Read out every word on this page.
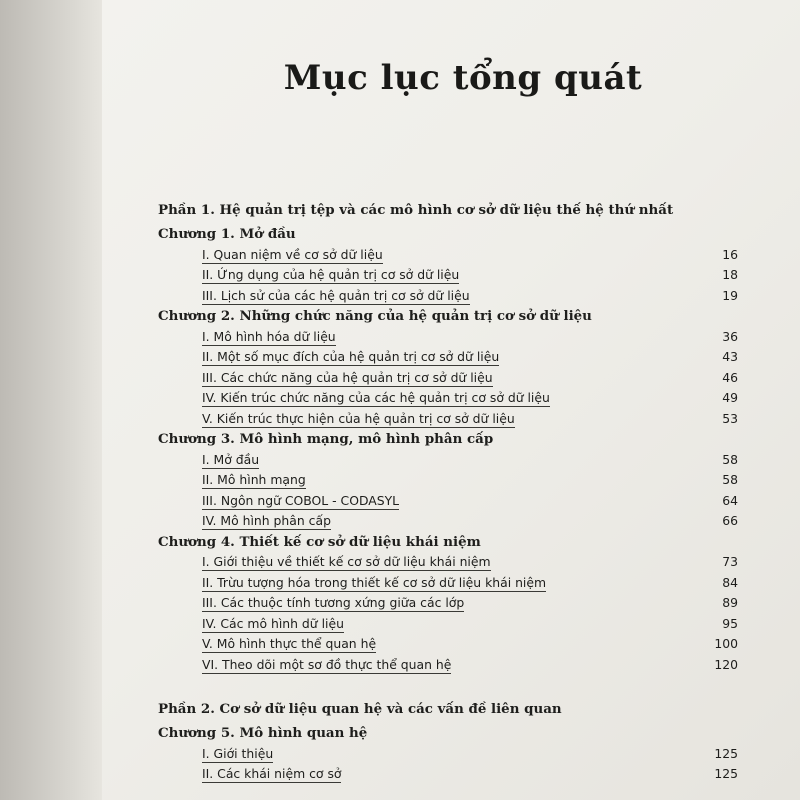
Mục lục tổng quát
Phần 1. Hệ quản trị tệp và các mô hình cơ sở dữ liệu thế hệ thứ nhất
Chương 1. Mở đầu
I. Quan niệm về cơ sở dữ liệu	16
II. Ứng dụng của hệ quản trị cơ sở dữ liệu	18
III. Lịch sử của các hệ quản trị cơ sở dữ liệu	19
Chương 2. Những chức năng của hệ quản trị cơ sở dữ liệu
I. Mô hình hóa dữ liệu	36
II. Một số mục đích của hệ quản trị cơ sở dữ liệu	43
III. Các chức năng của hệ quản trị cơ sở dữ liệu	46
IV. Kiến trúc chức năng của các hệ quản trị cơ sở dữ liệu	49
V. Kiến trúc thực hiện của hệ quản trị cơ sở dữ liệu	53
Chương 3. Mô hình mạng, mô hình phân cấp
I. Mở đầu	58
II. Mô hình mạng	58
III. Ngôn ngữ COBOL - CODASYL	64
IV. Mô hình phân cấp	66
Chương 4. Thiết kế cơ sở dữ liệu khái niệm
I. Giới thiệu về thiết kế cơ sở dữ liệu khái niệm	73
II. Trừu tượng hóa trong thiết kế cơ sở dữ liệu khái niệm	84
III. Các thuộc tính tương xứng giữa các lớp	89
IV. Các mô hình dữ liệu	95
V. Mô hình thực thể quan hệ	100
VI. Theo dõi một sơ đồ thực thể quan hệ	120
Phần 2. Cơ sở dữ liệu quan hệ và các vấn đề liên quan
Chương 5. Mô hình quan hệ
I. Giới thiệu	125
II. Các khái niệm cơ sở	125
